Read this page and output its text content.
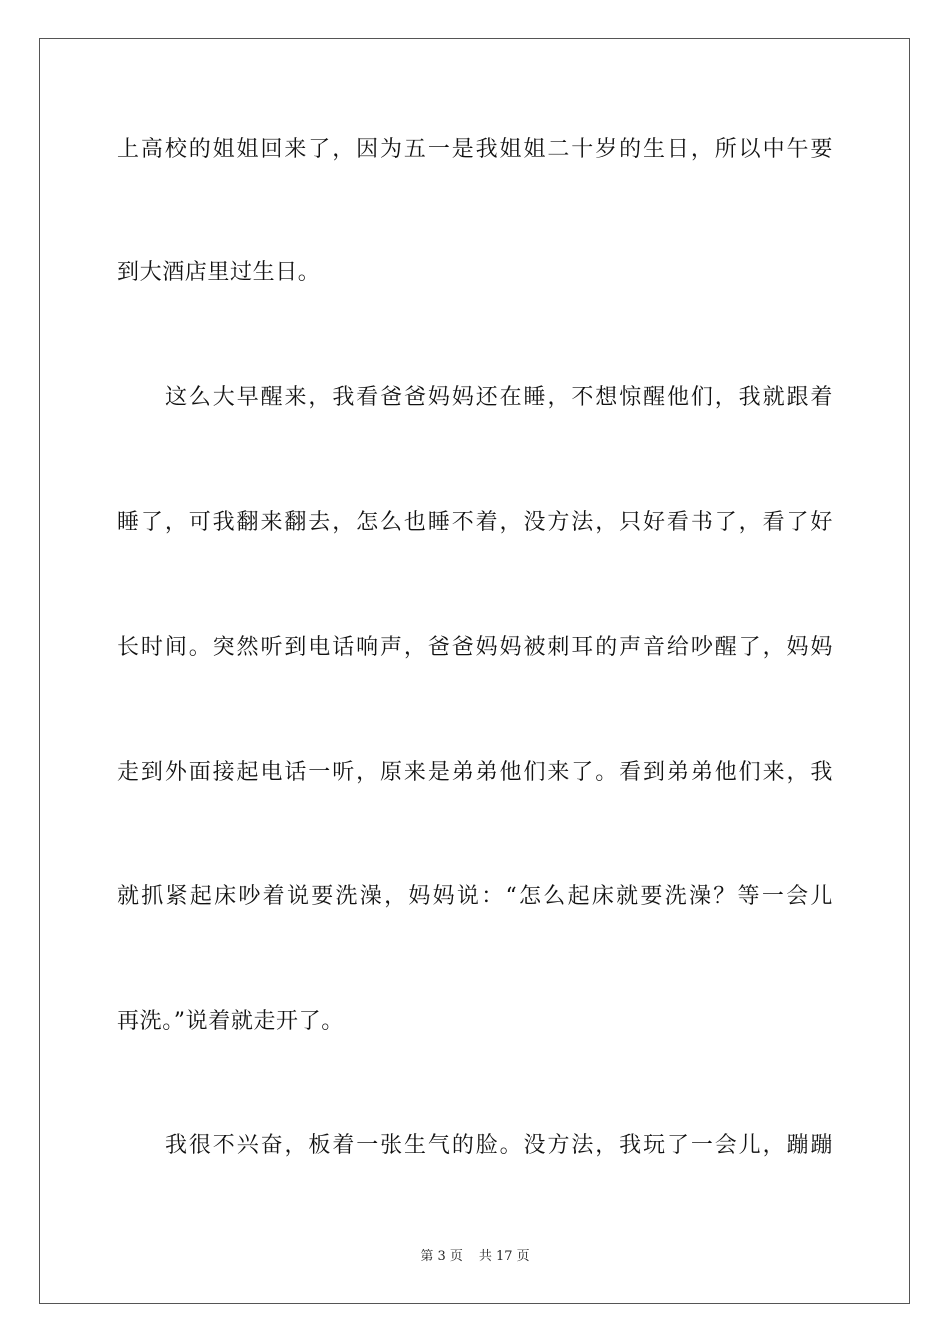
上高校的姐姐回来了，因为五一是我姐姐二十岁的生日，所以中午要
到大酒店里过生日。
这么大早醒来，我看爸爸妈妈还在睡，不想惊醒他们，我就跟着
睡了，可我翻来翻去，怎么也睡不着，没方法，只好看书了，看了好
长时间。突然听到电话响声，爸爸妈妈被刺耳的声音给吵醒了，妈妈
走到外面接起电话一听，原来是弟弟他们来了。看到弟弟他们来，我
就抓紧起床吵着说要洗澡，妈妈说：“怎么起床就要洗澡？等一会儿
再洗。”说着就走开了。
我很不兴奋，板着一张生气的脸。没方法，我玩了一会儿，蹦蹦
第 3 页 共 17 页
